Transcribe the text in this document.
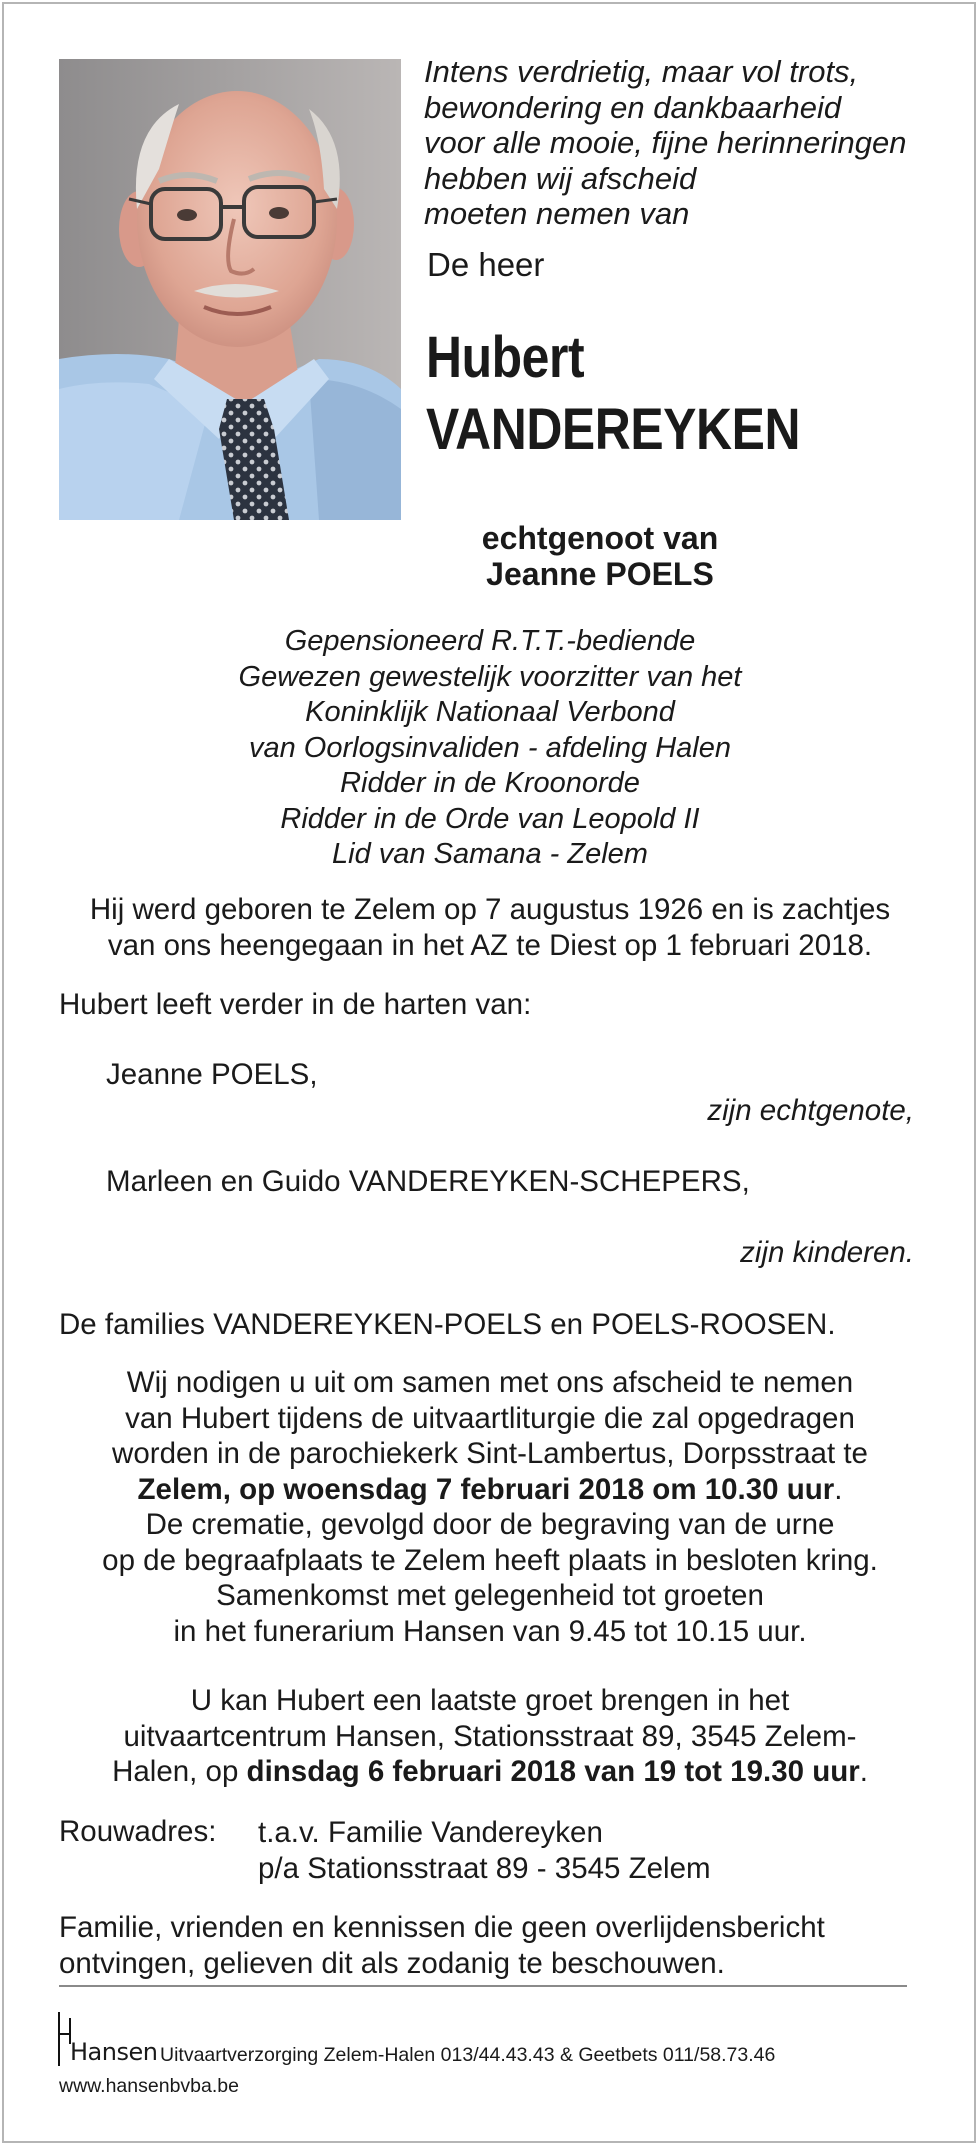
Intens verdrietig, maar vol trots,
bewondering en dankbaarheid
voor alle mooie, fijne herinneringen
hebben wij afscheid
moeten nemen van
De heer
Hubert
VANDEREYKEN
echtgenoot van
Jeanne POELS
Gepensioneerd R.T.T.-bediende
Gewezen gewestelijk voorzitter van het
Koninklijk Nationaal Verbond
van Oorlogsinvaliden - afdeling Halen
Ridder in de Kroonorde
Ridder in de Orde van Leopold II
Lid van Samana - Zelem
Hij werd geboren te Zelem op 7 augustus 1926 en is zachtjes
van ons heengegaan in het AZ te Diest op 1 februari 2018.
Hubert leeft verder in de harten van:
Jeanne POELS,
zijn echtgenote,
Marleen en Guido VANDEREYKEN-SCHEPERS,
zijn kinderen.
De families VANDEREYKEN-POELS en POELS-ROOSEN.
Wij nodigen u uit om samen met ons afscheid te nemen
van Hubert tijdens de uitvaartliturgie die zal opgedragen
worden in de parochiekerk Sint-Lambertus, Dorpsstraat te
Zelem, op woensdag 7 februari 2018 om 10.30 uur.
De crematie, gevolgd door de begraving van de urne
op de begraafplaats te Zelem heeft plaats in besloten kring.
Samenkomst met gelegenheid tot groeten
in het funerarium Hansen van 9.45 tot 10.15 uur.
U kan Hubert een laatste groet brengen in het
uitvaartcentrum Hansen, Stationsstraat 89, 3545 Zelem-
Halen, op dinsdag 6 februari 2018 van 19 tot 19.30 uur.
Rouwadres: t.a.v. Familie Vandereyken
p/a Stationsstraat 89 - 3545 Zelem
Familie, vrienden en kennissen die geen overlijdensbericht
ontvingen, gelieven dit als zodanig te beschouwen.
Hansen Uitvaartverzorging Zelem-Halen 013/44.43.43 & Geetbets 011/58.73.46
www.hansenbvba.be
